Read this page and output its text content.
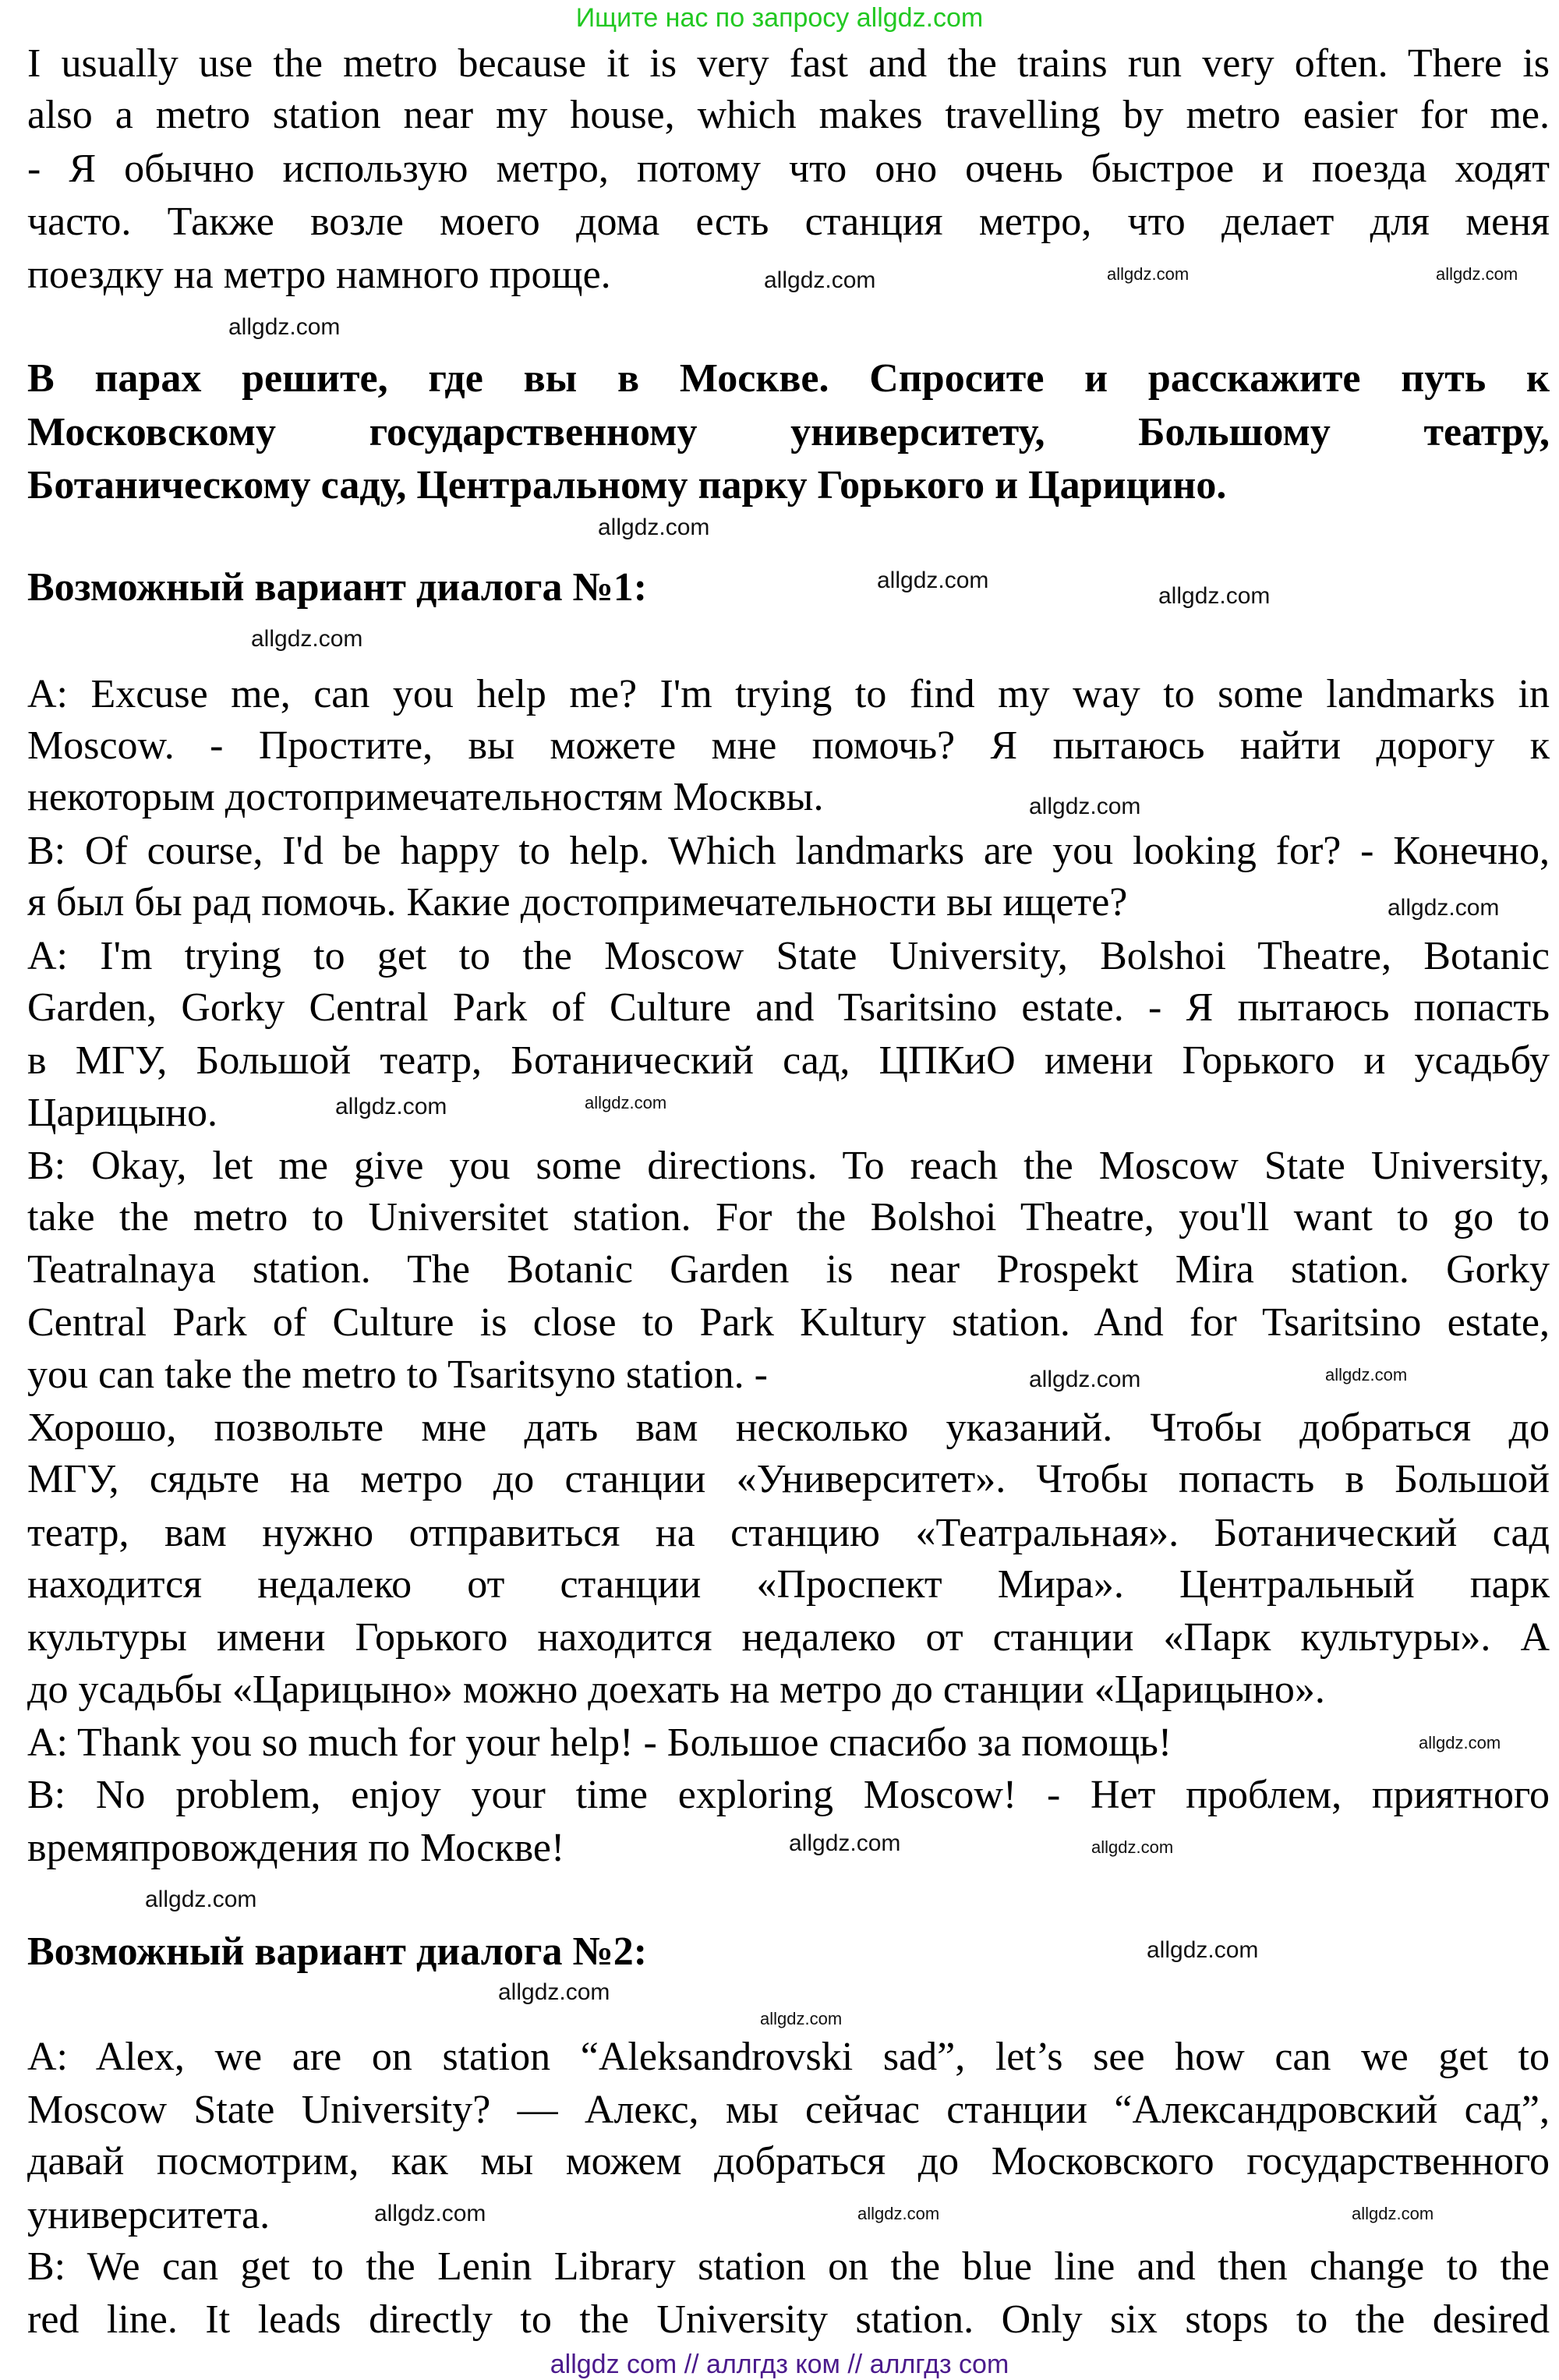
Ищите нас по запросу allgdz.com
I usually use the metro because it is very fast and the trains run very often. There is
also a metro station near my house, which makes travelling by metro easier for me.
- Я обычно использую метро, потому что оно очень быстрое и поезда ходят
часто. Также возле моего дома есть станция метро, что делает для меня
поездку на метро намного проще.
В парах решите, где вы в Москве. Спросите и расскажите путь к
Московскому государственному университету, Большому театру,
Ботаническому саду, Центральному парку Горького и Царицино.
Возможный вариант диалога №1:
A: Excuse me, can you help me? I'm trying to find my way to some landmarks in
Moscow. - Простите, вы можете мне помочь? Я пытаюсь найти дорогу к
некоторым достопримечательностям Москвы.
B: Of course, I'd be happy to help. Which landmarks are you looking for? - Конечно,
я был бы рад помочь. Какие достопримечательности вы ищете?
A: I'm trying to get to the Moscow State University, Bolshoi Theatre, Botanic
Garden, Gorky Central Park of Culture and Tsaritsino estate. - Я пытаюсь попасть
в МГУ, Большой театр, Ботанический сад, ЦПКиО имени Горького и усадьбу
Царицыно.
B: Okay, let me give you some directions. To reach the Moscow State University,
take the metro to Universitet station. For the Bolshoi Theatre, you'll want to go to
Teatralnaya station. The Botanic Garden is near Prospekt Mira station. Gorky
Central Park of Culture is close to Park Kultury station. And for Tsaritsino estate,
you can take the metro to Tsaritsyno station. -
Хорошо, позвольте мне дать вам несколько указаний. Чтобы добраться до
МГУ, сядьте на метро до станции «Университет». Чтобы попасть в Большой
театр, вам нужно отправиться на станцию «Театральная». Ботанический сад
находится недалеко от станции «Проспект Мира». Центральный парк
культуры имени Горького находится недалеко от станции «Парк культуры». А
до усадьбы «Царицыно» можно доехать на метро до станции «Царицыно».
A: Thank you so much for your help! - Большое спасибо за помощь!
B: No problem, enjoy your time exploring Moscow! - Нет проблем, приятного
времяпровождения по Москве!
Возможный вариант диалога №2:
A: Alex, we are on station “Aleksandrovski sad”, let’s see how can we get to
Moscow State University? — Алекс, мы сейчас станции “Александровский сад”,
давай посмотрим, как мы можем добраться до Московского государственного
университета.
B: We can get to the Lenin Library station on the blue line and then change to the
red line. It leads directly to the University station. Only six stops to the desired
allgdz.com
allgdz.com
allgdz.com
allgdz.com
allgdz.com
allgdz.com
allgdz.com
allgdz.com
allgdz.com
allgdz.com
allgdz.com
allgdz.com
allgdz.com
allgdz.com
allgdz.com
allgdz.com
allgdz.com
allgdz.com
allgdz.com
allgdz.com
allgdz.com
allgdz.com
allgdz.com	allgdz.com
allgdz com // аллгдз ком // аллгдз com
